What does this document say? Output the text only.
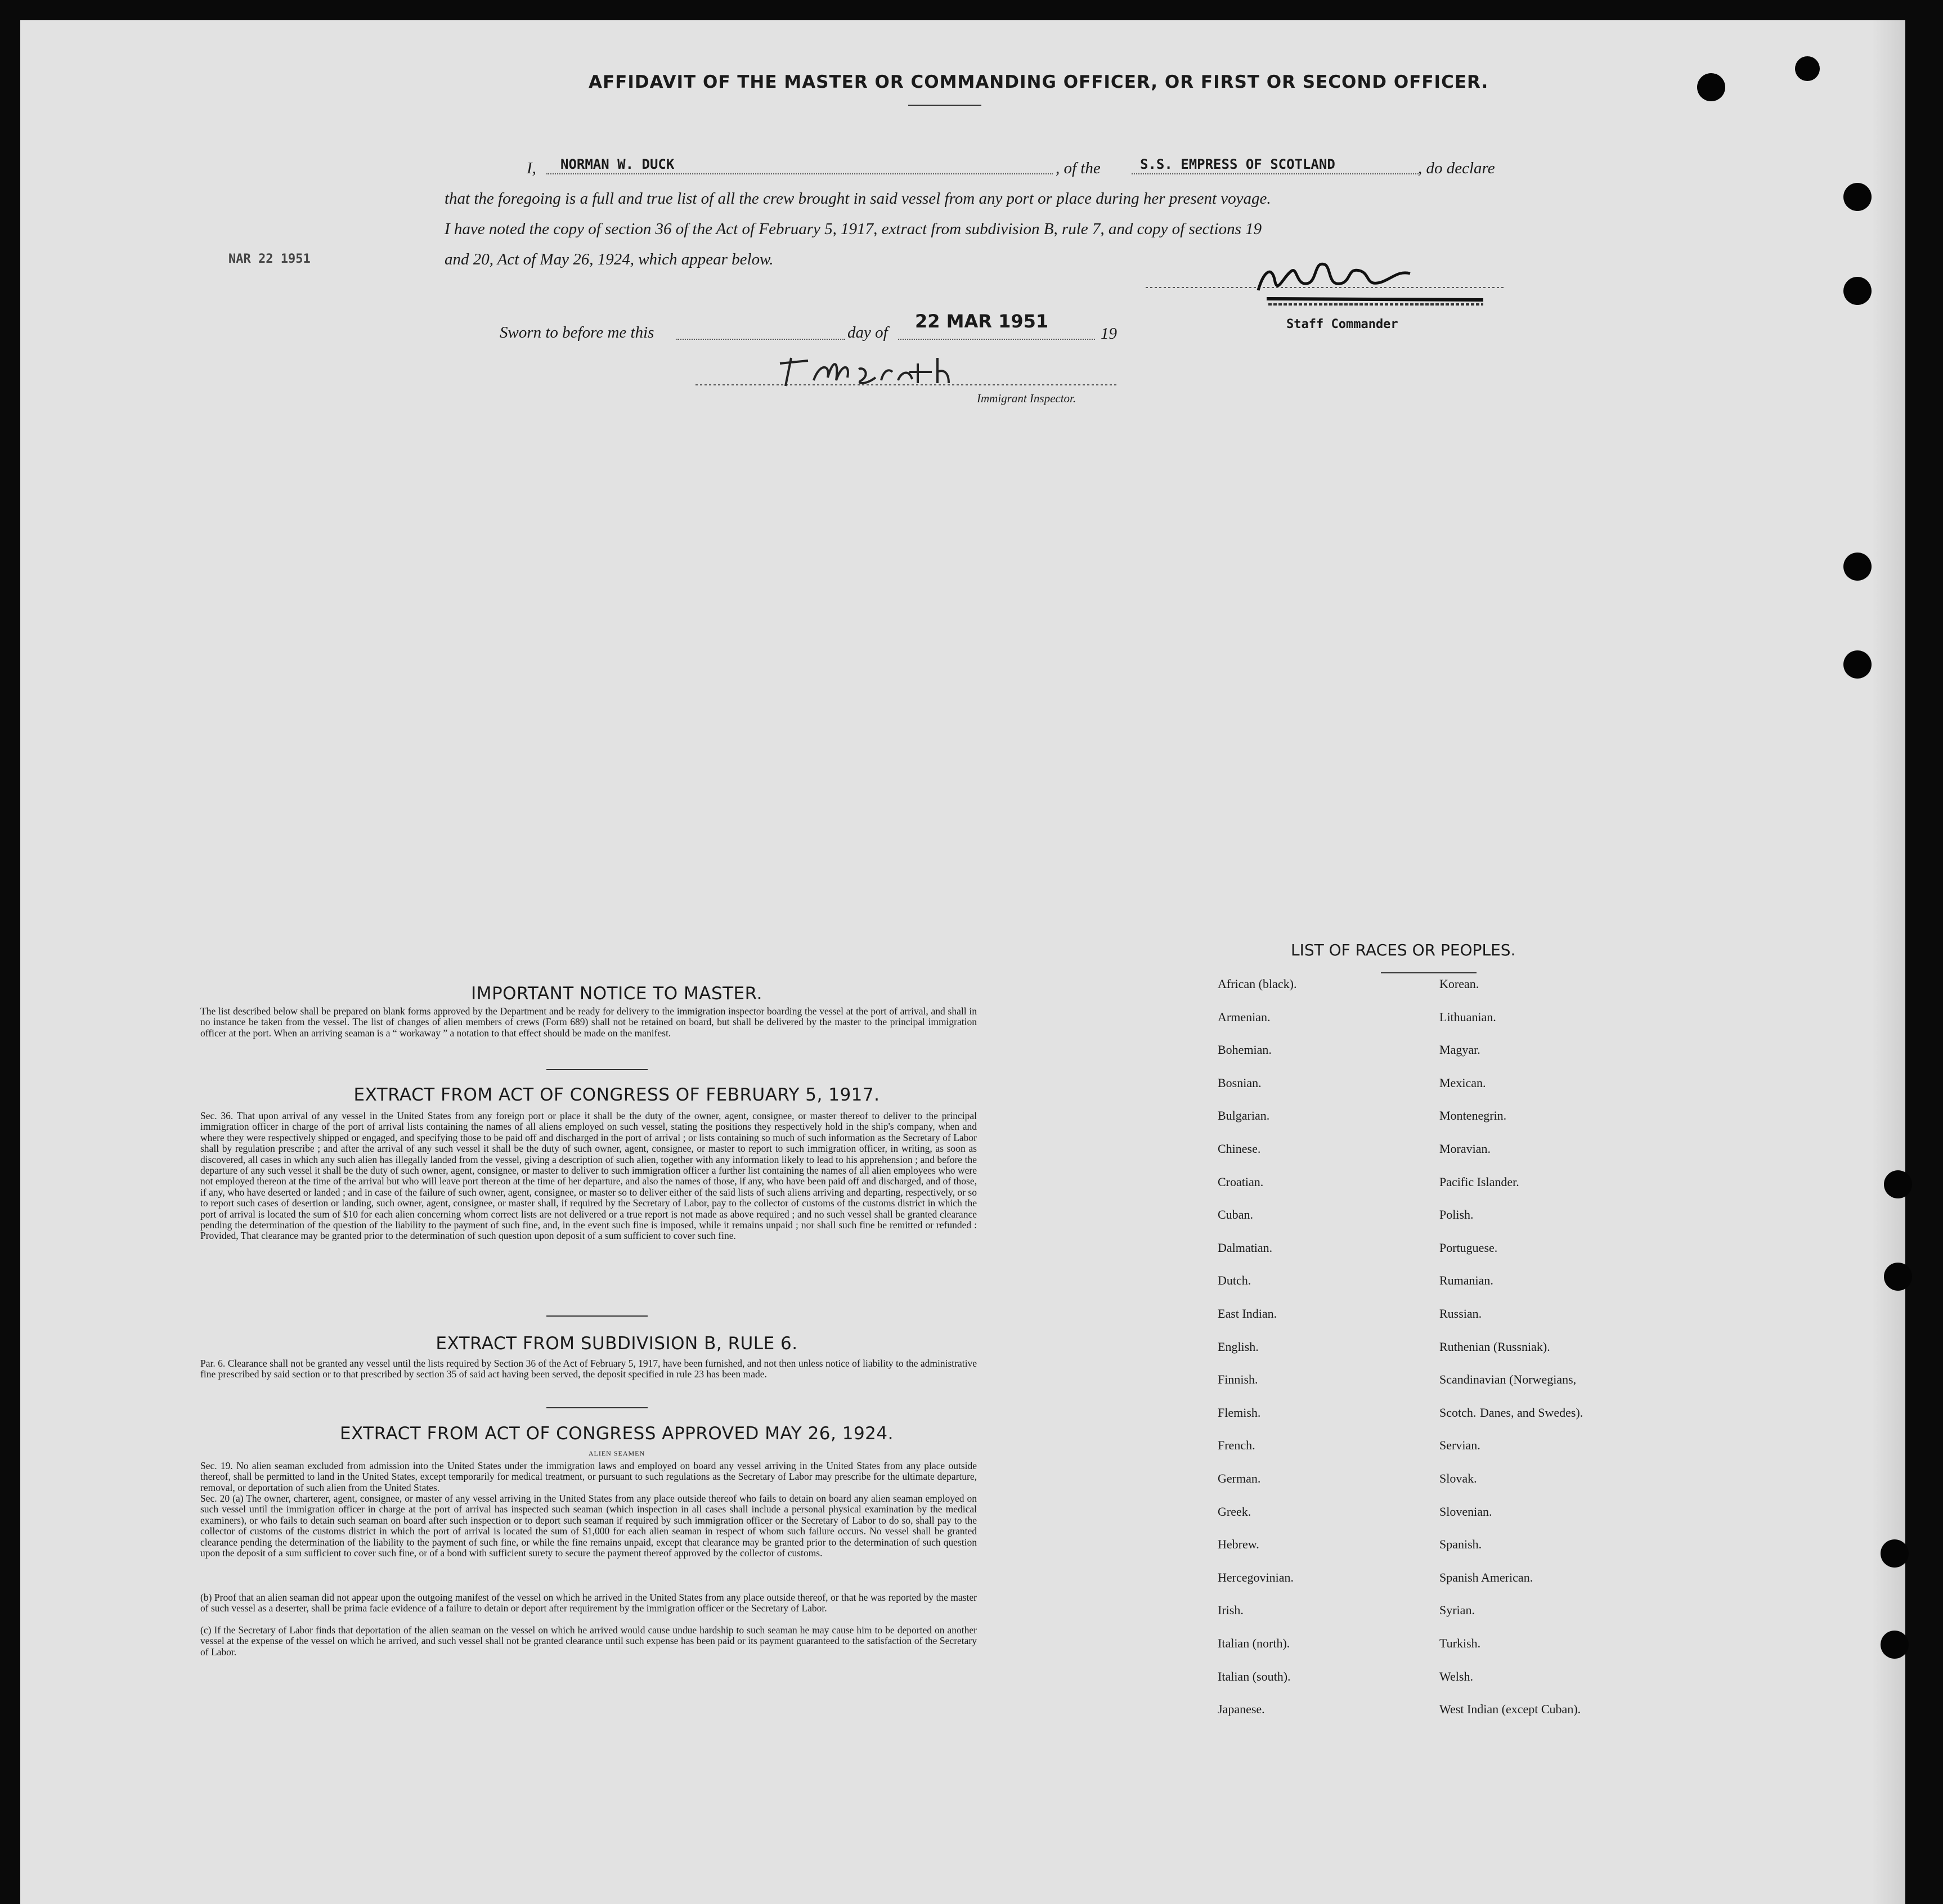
AFFIDAVIT OF THE MASTER OR COMMANDING OFFICER, OR FIRST OR SECOND OFFICER.
I, NORMAN W. DUCK	, of the	S.S. EMPRESS OF SCOTLAND	, do declare
that the foregoing is a full and true list of all the crew brought in said vessel from any port or place during her present voyage.
I have noted the copy of section 36 of the Act of February 5, 1917, extract from subdivision B, rule 7, and copy of sections 19
and 20, Act of May 26, 1924, which appear below.
NAR 22 1951
Staff Commander
Sworn to before me this	day of
22 MAR 1951
19
Immigrant Inspector.
IMPORTANT NOTICE TO MASTER.
The list described below shall be prepared on blank forms approved by the Department and be ready for delivery to the immigration inspector boarding the vessel at the port of arrival, and shall in no instance be taken from the vessel. The list of changes of alien members of crews (Form 689) shall not be retained on board, but shall be delivered by the master to the principal immigration officer at the port. When an arriving seaman is a “ workaway ” a notation to that effect should be made on the manifest.
EXTRACT FROM ACT OF CONGRESS OF FEBRUARY 5, 1917.
Sec. 36. That upon arrival of any vessel in the United States from any foreign port or place it shall be the duty of the owner, agent, consignee, or master thereof to deliver to the principal immigration officer in charge of the port of arrival lists containing the names of all aliens employed on such vessel, stating the positions they respectively hold in the ship's company, when and where they were respectively shipped or engaged, and specifying those to be paid off and discharged in the port of arrival ; or lists containing so much of such information as the Secretary of Labor shall by regulation prescribe ; and after the arrival of any such vessel it shall be the duty of such owner, agent, consignee, or master to report to such immigration officer, in writing, as soon as discovered, all cases in which any such alien has illegally landed from the vessel, giving a description of such alien, together with any information likely to lead to his apprehension ; and before the departure of any such vessel it shall be the duty of such owner, agent, consignee, or master to deliver to such immigration officer a further list containing the names of all alien employees who were not employed thereon at the time of the arrival but who will leave port thereon at the time of her departure, and also the names of those, if any, who have been paid off and discharged, and of those, if any, who have deserted or landed ; and in case of the failure of such owner, agent, consignee, or master so to deliver either of the said lists of such aliens arriving and departing, respectively, or so to report such cases of desertion or landing, such owner, agent, consignee, or master shall, if required by the Secretary of Labor, pay to the collector of customs of the customs district in which the port of arrival is located the sum of $10 for each alien concerning whom correct lists are not delivered or a true report is not made as above required ; and no such vessel shall be granted clearance pending the determination of the question of the liability to the payment of such fine, and, in the event such fine is imposed, while it remains unpaid ; nor shall such fine be remitted or refunded : Provided, That clearance may be granted prior to the determination of such question upon deposit of a sum sufficient to cover such fine.
EXTRACT FROM SUBDIVISION B, RULE 6.
Par. 6. Clearance shall not be granted any vessel until the lists required by Section 36 of the Act of February 5, 1917, have been furnished, and not then unless notice of liability to the administrative fine prescribed by said section or to that prescribed by section 35 of said act having been served, the deposit specified in rule 23 has been made.
EXTRACT FROM ACT OF CONGRESS APPROVED MAY 26, 1924.
ALIEN SEAMEN
Sec. 19. No alien seaman excluded from admission into the United States under the immigration laws and employed on board any vessel arriving in the United States from any place outside thereof, shall be permitted to land in the United States, except temporarily for medical treatment, or pursuant to such regulations as the Secretary of Labor may prescribe for the ultimate departure, removal, or deportation of such alien from the United States.
Sec. 20 (a) The owner, charterer, agent, consignee, or master of any vessel arriving in the United States from any place outside thereof who fails to detain on board any alien seaman employed on such vessel until the immigration officer in charge at the port of arrival has inspected such seaman (which inspection in all cases shall include a personal physical examination by the medical examiners), or who fails to detain such seaman on board after such inspection or to deport such seaman if required by such immigration officer or the Secretary of Labor to do so, shall pay to the collector of customs of the customs district in which the port of arrival is located the sum of $1,000 for each alien seaman in respect of whom such failure occurs. No vessel shall be granted clearance pending the determination of the liability to the payment of such fine, or while the fine remains unpaid, except that clearance may be granted prior to the determination of such question upon the deposit of a sum sufficient to cover such fine, or of a bond with sufficient surety to secure the payment thereof approved by the collector of customs.
(b) Proof that an alien seaman did not appear upon the outgoing manifest of the vessel on which he arrived in the United States from any place outside thereof, or that he was reported by the master of such vessel as a deserter, shall be prima facie evidence of a failure to detain or deport after requirement by the immigration officer or the Secretary of Labor.
(c) If the Secretary of Labor finds that deportation of the alien seaman on the vessel on which he arrived would cause undue hardship to such seaman he may cause him to be deported on another vessel at the expense of the vessel on which he arrived, and such vessel shall not be granted clearance until such expense has been paid or its payment guaranteed to the satisfaction of the Secretary of Labor.
LIST OF RACES OR PEOPLES.
African (black).
Armenian.
Bohemian.
Bosnian.
Bulgarian.
Chinese.
Croatian.
Cuban.
Dalmatian.
Dutch.
East Indian.
English.
Finnish.
Flemish.
French.
German.
Greek.
Hebrew.
Hercegovinian.
Irish.
Italian (north).
Italian (south).
Japanese.
Korean.
Lithuanian.
Magyar.
Mexican.
Montenegrin.
Moravian.
Pacific Islander.
Polish.
Portuguese.
Rumanian.
Russian.
Ruthenian (Russniak).
Scandinavian (Norwegians,
Scotch.
Servian.
Slovak.
Slovenian.
Spanish.
Spanish American.
Syrian.
Turkish.
Welsh.
West Indian (except Cuban).
Danes, and Swedes).
